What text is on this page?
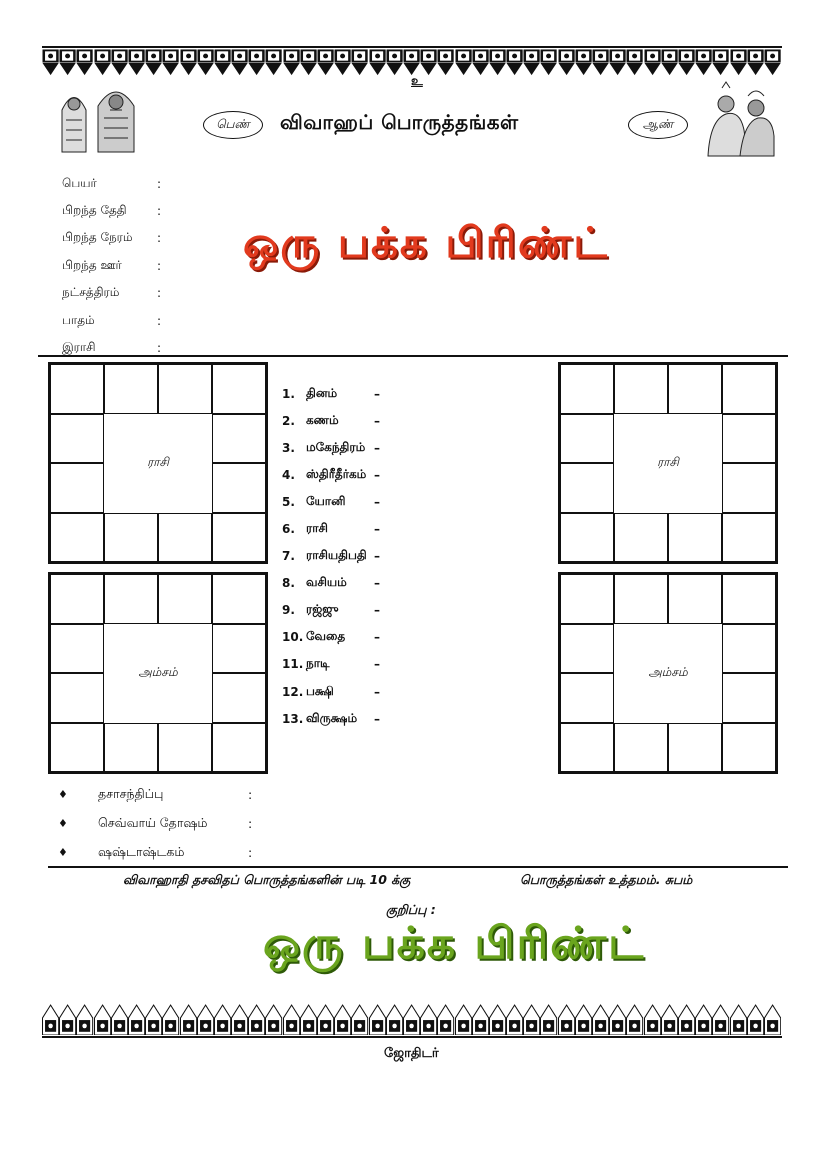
உ
பெண்	விவாஹப் பொருத்தங்கள்	ஆண்
பெயர்	:
பிறந்த தேதி	:
பிறந்த நேரம்	:
பிறந்த ஊர்	:
நட்சத்திரம்	:
பாதம்	:
இராசி	:
ஒரு பக்க பிரிண்ட்
ராசி
அம்சம்
ராசி
அம்சம்
1. தினம்	–
2. கணம்	–
3. மகேந்திரம் –
4. ஸ்திரீதீர்கம் –
5. யோனி	–
6. ராசி	–
7. ராசியதிபதி –
8. வசியம்	–
9. ரஜ்ஜு	–
10. வேதை	–
11. நாடி	–
12. பக்ஷி	–
13. விருக்ஷம்	–
♦	தசாசந்திப்பு	:
♦	செவ்வாய் தோஷம்	:
♦	ஷஷ்டாஷ்டகம்	:
விவாஹாதி தசவிதப் பொருத்தங்களின் படி 10 க்கு	பொருத்தங்கள் உத்தமம். சுபம்
குறிப்பு :
ஒரு பக்க பிரிண்ட்
ஜோதிடர்
